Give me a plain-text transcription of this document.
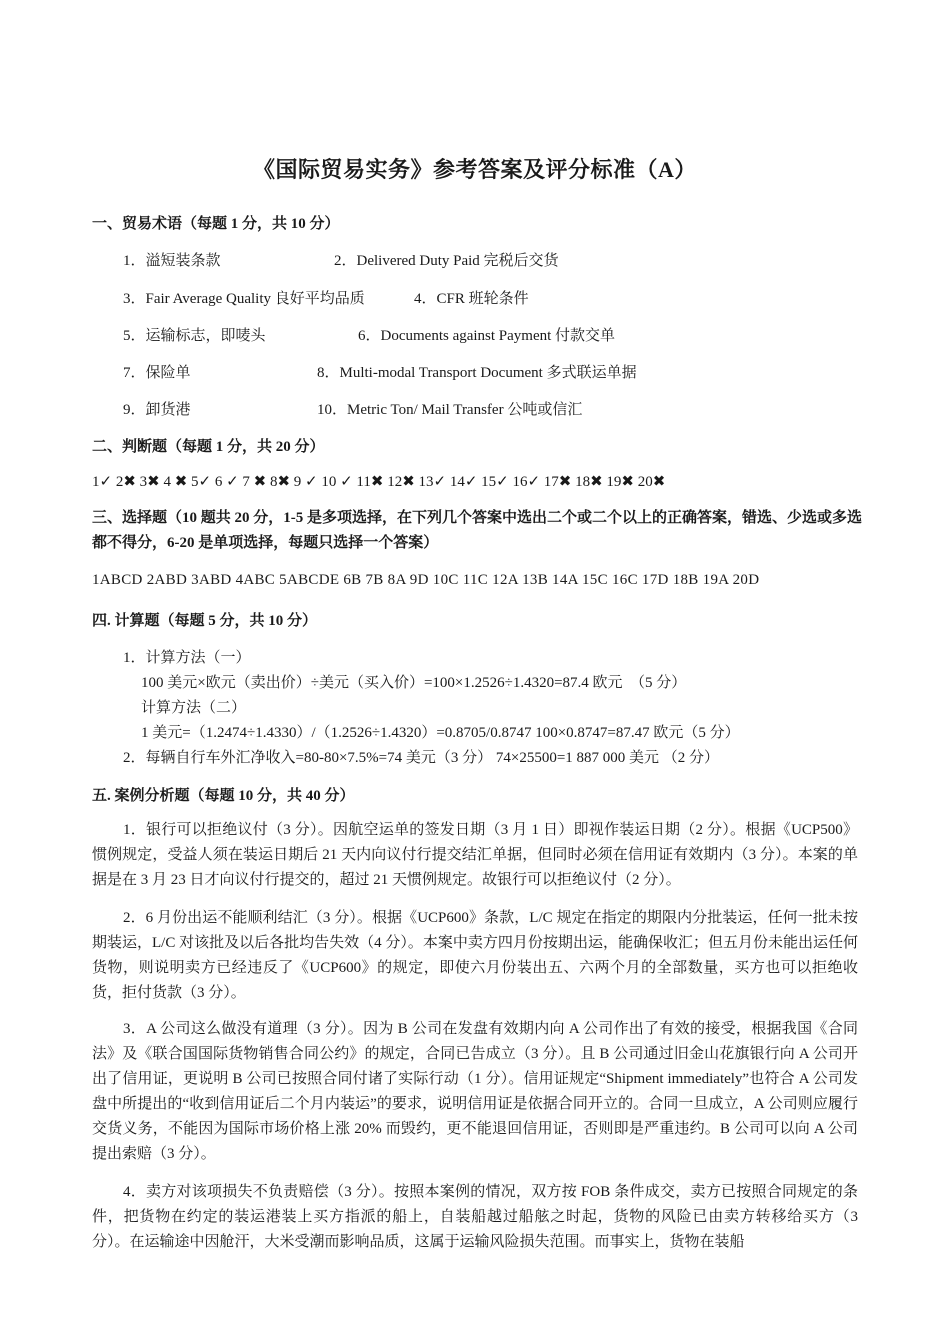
《国际贸易实务》参考答案及评分标准（A）
一、贸易术语（每题 1 分，共 10 分）
1．溢短装条款	2．Delivered Duty Paid 完税后交货
3．Fair Average Quality 良好平均品质	4．CFR 班轮条件
5．运输标志，即唛头	6．Documents against Payment 付款交单
7．保险单	8．Multi-modal Transport Document 多式联运单据
9．卸货港	10．Metric Ton/ Mail Transfer 公吨或信汇
二、判断题（每题 1 分，共 20 分）
1✓ 2✖ 3✖ 4 ✖ 5✓ 6 ✓ 7 ✖ 8✖ 9 ✓ 10 ✓ 11✖ 12✖ 13✓ 14✓ 15✓ 16✓ 17✖ 18✖ 19✖ 20✖
三、选择题（10 题共 20 分，1-5 是多项选择，在下列几个答案中选出二个或二个以上的正确答案，错选、少选或多选都不得分，6-20 是单项选择，每题只选择一个答案）
1ABCD 2ABD 3ABD 4ABC 5ABCDE 6B 7B 8A 9D 10C 11C 12A 13B 14A 15C 16C 17D 18B 19A 20D
四. 计算题（每题 5 分，共 10 分）
1．计算方法（一）
100 美元×欧元（卖出价）÷美元（买入价）=100×1.2526÷1.4320=87.4 欧元　（5 分）
计算方法（二）
1 美元=（1.2474÷1.4330）/（1.2526÷1.4320）=0.8705/0.8747 100×0.8747=87.47 欧元（5 分）
2．每辆自行车外汇净收入=80-80×7.5%=74 美元（3 分） 74×25500=1 887 000 美元 （2 分）
五. 案例分析题（每题 10 分，共 40 分）
1．银行可以拒绝议付（3 分）。因航空运单的签发日期（3 月 1 日）即视作装运日期（2 分）。根据《UCP500》惯例规定，受益人须在装运日期后 21 天内向议付行提交结汇单据，但同时必须在信用证有效期内（3 分）。本案的单据是在 3 月 23 日才向议付行提交的，超过 21 天惯例规定。故银行可以拒绝议付（2 分）。
2．6 月份出运不能顺利结汇（3 分）。根据《UCP600》条款，L/C 规定在指定的期限内分批装运，任何一批未按期装运，L/C 对该批及以后各批均告失效（4 分）。本案中卖方四月份按期出运，能确保收汇；但五月份未能出运任何货物，则说明卖方已经违反了《UCP600》的规定，即使六月份装出五、六两个月的全部数量，买方也可以拒绝收货，拒付货款（3 分）。
3．A 公司这么做没有道理（3 分）。因为 B 公司在发盘有效期内向 A 公司作出了有效的接受，根据我国《合同法》及《联合国国际货物销售合同公约》的规定，合同已告成立（3 分）。且 B 公司通过旧金山花旗银行向 A 公司开出了信用证，更说明 B 公司已按照合同付诸了实际行动（1 分）。信用证规定“Shipment immediately”也符合 A 公司发盘中所提出的“收到信用证后二个月内装运”的要求，说明信用证是依据合同开立的。合同一旦成立，A 公司则应履行交货义务，不能因为国际市场价格上涨 20% 而毁约，更不能退回信用证，否则即是严重违约。B 公司可以向 A 公司提出索赔（3 分）。
4．卖方对该项损失不负责赔偿（3 分）。按照本案例的情况，双方按 FOB 条件成交，卖方已按照合同规定的条件，把货物在约定的装运港装上买方指派的船上，自装船越过船舷之时起，货物的风险已由卖方转移给买方（3 分）。在运输途中因舱汗，大米受潮而影响品质，这属于运输风险损失范围。而事实上，货物在装船
